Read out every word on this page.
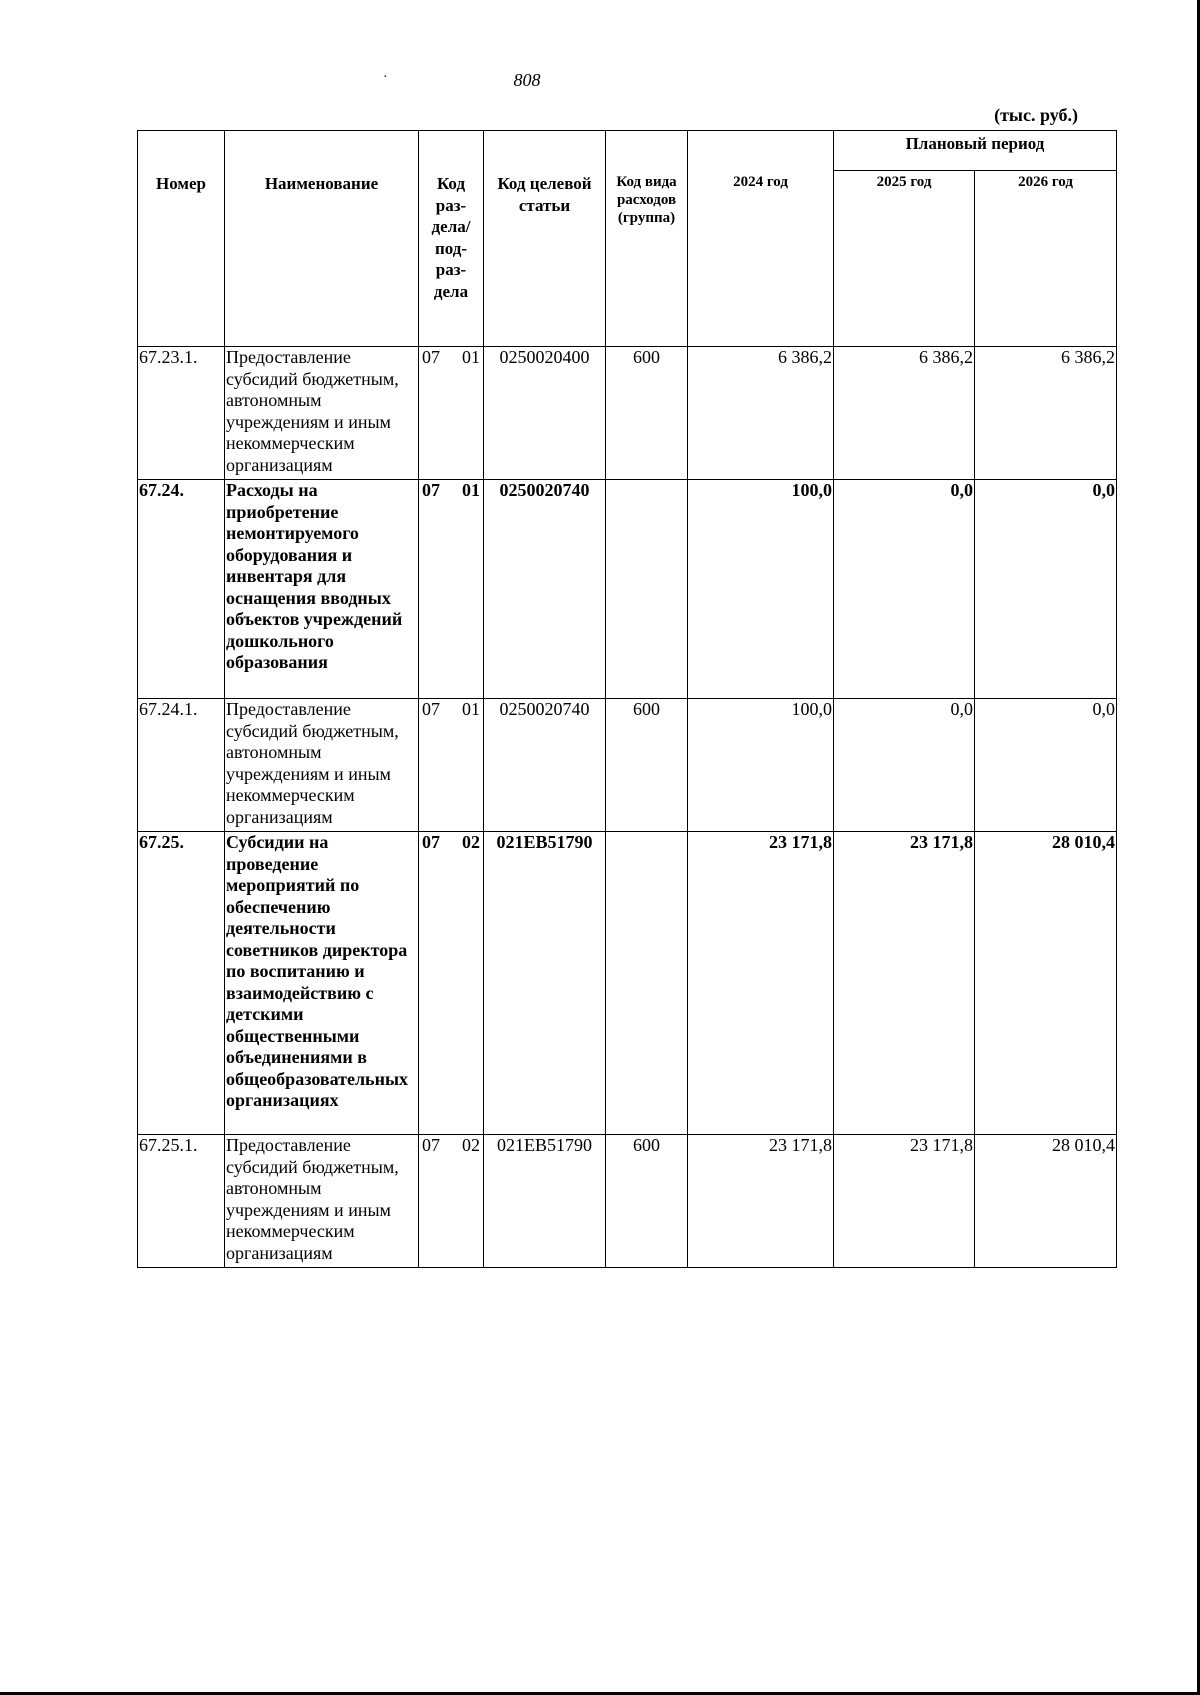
808
·
(тыс. руб.)
Номер	Наименование	Код раз-дела/ под-раз-дела	Код целевой статьи	Код вида расходов (группа)	2024 год	Плановый период	
						2025 год	2026 год
67.23.1.	Предоставление субсидий бюджетным, автономным учреждениям и иным некоммерческим организациям	07 01	0250020400	600	6 386,2	6 386,2	6 386,2
67.24.	Расходы на приобретение немонтируемого оборудования и инвентаря для оснащения вводных объектов учреждений дошкольного образования	07 01	0250020740		100,0	0,0	0,0
67.24.1.	Предоставление субсидий бюджетным, автономным учреждениям и иным некоммерческим организациям	07 01	0250020740	600	100,0	0,0	0,0
67.25.	Субсидии на проведение мероприятий по обеспечению деятельности советников директора по воспитанию и взаимодействию с детскими общественными объединениями в общеобразовательных организациях	07 02	021EB51790		23 171,8	23 171,8	28 010,4
67.25.1.	Предоставление субсидий бюджетным, автономным учреждениям и иным некоммерческим организациям	07 02	021EB51790	600	23 171,8	23 171,8	28 010,4
